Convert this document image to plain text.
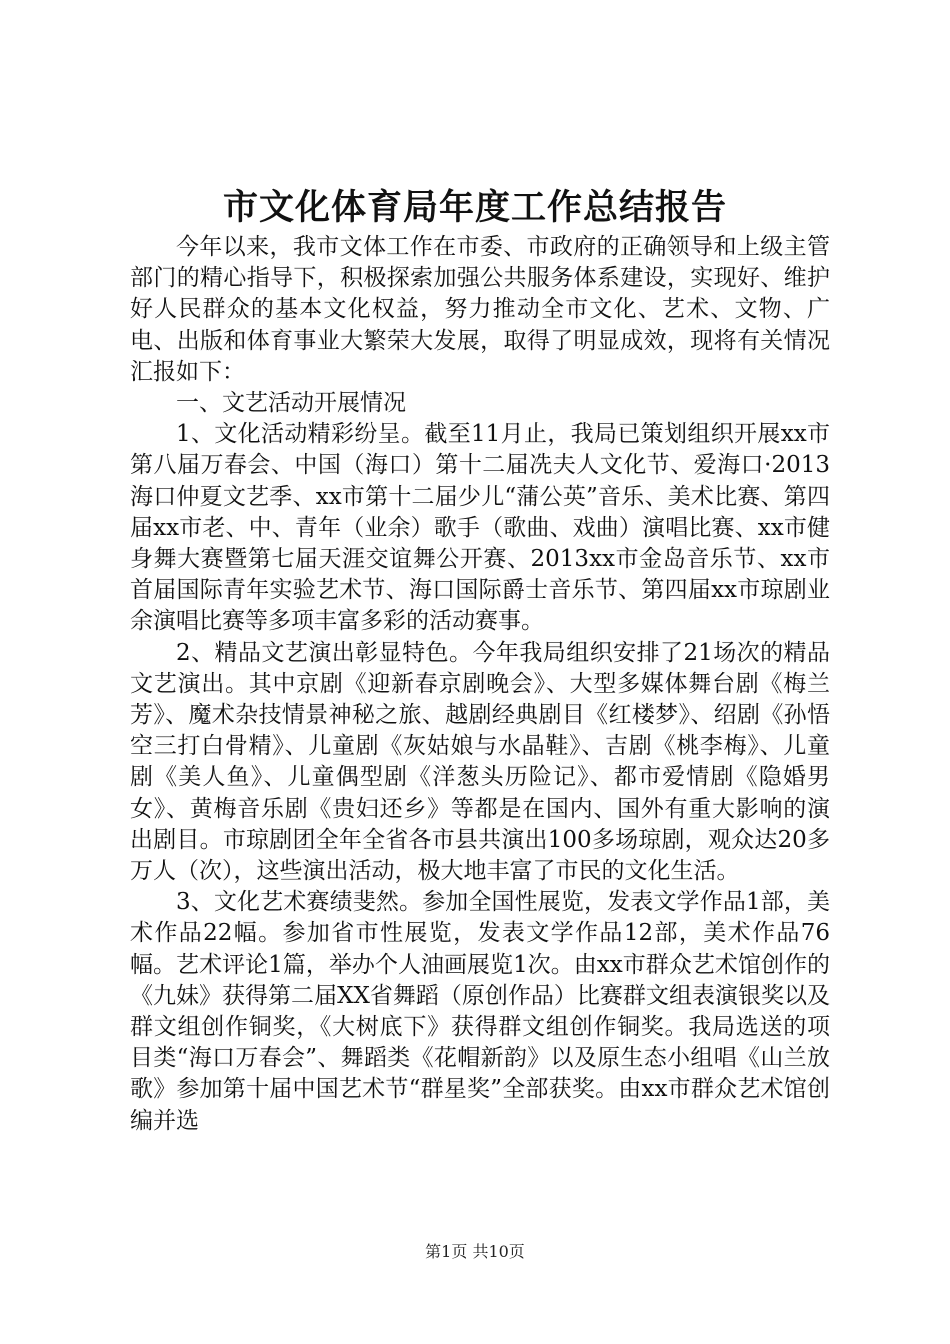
市文化体育局年度工作总结报告

今年以来，我市文体工作在市委、市政府的正确领导和上级主管部门的精心指导下，积极探索加强公共服务体系建设，实现好、维护好人民群众的基本文化权益，努力推动全市文化、艺术、文物、广电、出版和体育事业大繁荣大发展，取得了明显成效，现将有关情况汇报如下：

一、文艺活动开展情况

1、文化活动精彩纷呈。截至11月止，我局已策划组织开展xx市第八届万春会、中国（海口）第十二届冼夫人文化节、爱海口·2013海口仲夏文艺季、xx市第十二届少儿“蒲公英”音乐、美术比赛、第四届xx市老、中、青年（业余）歌手（歌曲、戏曲）演唱比赛、xx市健身舞大赛暨第七届天涯交谊舞公开赛、2013xx市金岛音乐节、xx市首届国际青年实验艺术节、海口国际爵士音乐节、第四届xx市琼剧业余演唱比赛等多项丰富多彩的活动赛事。

2、精品文艺演出彰显特色。今年我局组织安排了21场次的精品文艺演出。其中京剧《迎新春京剧晚会》、大型多媒体舞台剧《梅兰芳》、魔术杂技情景神秘之旅、越剧经典剧目《红楼梦》、绍剧《孙悟空三打白骨精》、儿童剧《灰姑娘与水晶鞋》、吉剧《桃李梅》、儿童剧《美人鱼》、儿童偶型剧《洋葱头历险记》、都市爱情剧《隐婚男女》、黄梅音乐剧《贵妇还乡》等都是在国内、国外有重大影响的演出剧目。市琼剧团全年全省各市县共演出100多场琼剧，观众达20多万人（次），这些演出活动，极大地丰富了市民的文化生活。

3、文化艺术赛绩斐然。参加全国性展览，发表文学作品1部，美术作品22幅。参加省市性展览，发表文学作品12部，美术作品76幅。艺术评论1篇，举办个人油画展览1次。由xx市群众艺术馆创作的《九妹》获得第二届XX省舞蹈（原创作品）比赛群文组表演银奖以及群文组创作铜奖，《大树底下》获得群文组创作铜奖。我局选送的项目类“海口万春会”、舞蹈类《花帽新韵》以及原生态小组唱《山兰放歌》参加第十届中国艺术节“群星奖”全部获奖。由xx市群众艺术馆创编并选

第1页 共10页
